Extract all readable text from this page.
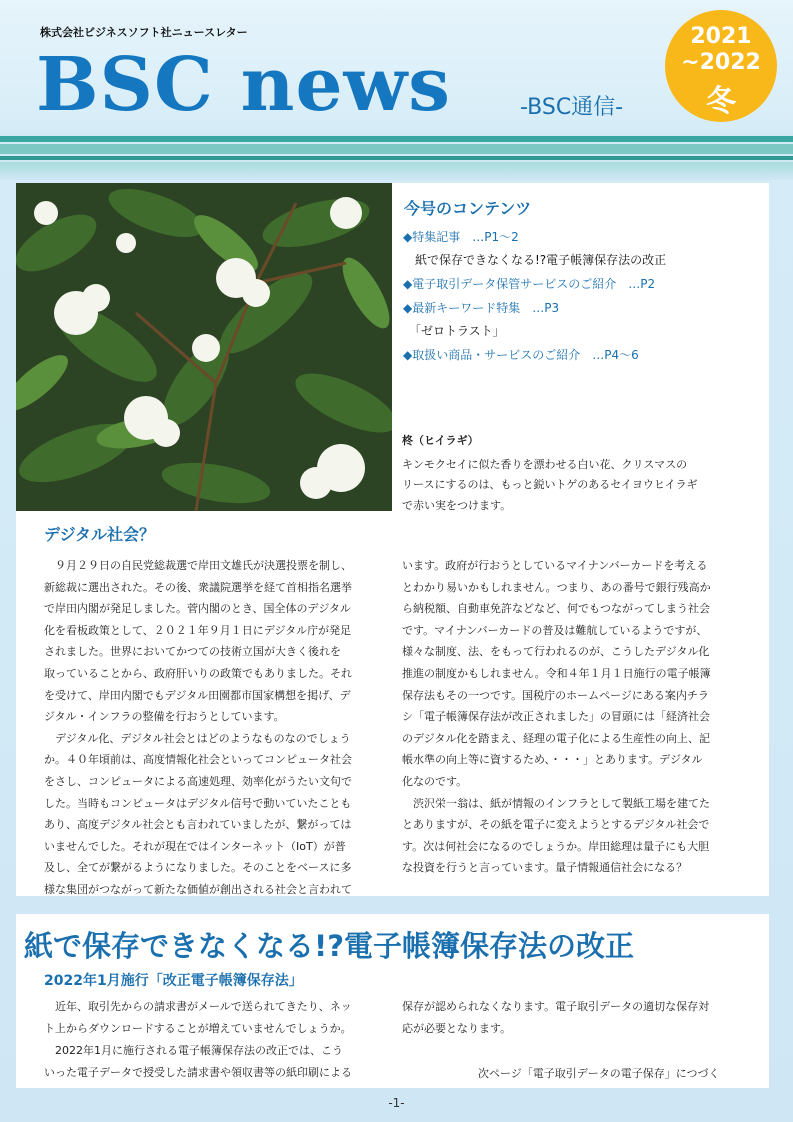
株式会社ビジネスソフト社ニュースレター
BSC news	-BSC通信-
2021
~2022
冬
今号のコンテンツ
◆特集記事　…P1～2
　紙で保存できなくなる!?電子帳簿保存法の改正
◆電子取引データ保管サービスのご紹介　…P2
◆最新キーワード特集　…P3
　「ゼロトラスト」
◆取扱い商品・サービスのご紹介　…P4～6
柊（ヒイラギ）
キンモクセイに似た香りを漂わせる白い花、クリスマスの
リースにするのは、もっと鋭いトゲのあるセイヨウヒイラギ
で赤い実をつけます。
デジタル社会？
　９月２９日の自民党総裁選で岸田文雄氏が決選投票を制し、
新総裁に選出された。その後、衆議院選挙を経て首相指名選挙
で岸田内閣が発足しました。菅内閣のとき、国全体のデジタル
化を看板政策として、２０２１年９月１日にデジタル庁が発足
されました。世界においてかつての技術立国が大きく後れを
取っていることから、政府肝いりの政策でもありました。それ
を受けて、岸田内閣でもデジタル田園都市国家構想を掲げ、デ
ジタル・インフラの整備を行おうとしています。
　デジタル化、デジタル社会とはどのようなものなのでしょう
か。４０年頃前は、高度情報化社会といってコンピュータ社会
をさし、コンピュータによる高速処理、効率化がうたい文句で
した。当時もコンピュータはデジタル信号で動いていたことも
あり、高度デジタル社会とも言われていましたが、繋がっては
いませんでした。それが現在ではインターネット（IoT）が普
及し、全てが繋がるようになりました。そのことをベースに多
様な集団がつながって新たな価値が創出される社会と言われて
います。政府が行おうとしているマイナンバーカードを考える
とわかり易いかもしれません。つまり、あの番号で銀行残高か
ら納税額、自動車免許などなど、何でもつながってしまう社会
です。マイナンバーカードの普及は難航しているようですが、
様々な制度、法、をもって行われるのが、こうしたデジタル化
推進の制度かもしれません。令和４年１月１日施行の電子帳簿
保存法もその一つです。国税庁のホームページにある案内チラ
シ「電子帳簿保存法が改正されました」の冒頭には「経済社会
のデジタル化を踏まえ、経理の電子化による生産性の向上、記
帳水準の向上等に資するため、・・・」とあります。デジタル
化なのです。
　渋沢栄一翁は、紙が情報のインフラとして製紙工場を建てた
とありますが、その紙を電子に変えようとするデジタル社会で
す。次は何社会になるのでしょうか。岸田総理は量子にも大胆
な投資を行うと言っています。量子情報通信社会になる？
紙で保存できなくなる!?電子帳簿保存法の改正
2022年1月施行「改正電子帳簿保存法」
　近年、取引先からの請求書がメールで送られてきたり、ネッ
ト上からダウンロードすることが増えていませんでしょうか。
　2022年1月に施行される電子帳簿保存法の改正では、こう
いった電子データで授受した請求書や領収書等の紙印刷による
保存が認められなくなります。電子取引データの適切な保存対
応が必要となります。
次ページ「電子取引データの電子保存」につづく
-1-
